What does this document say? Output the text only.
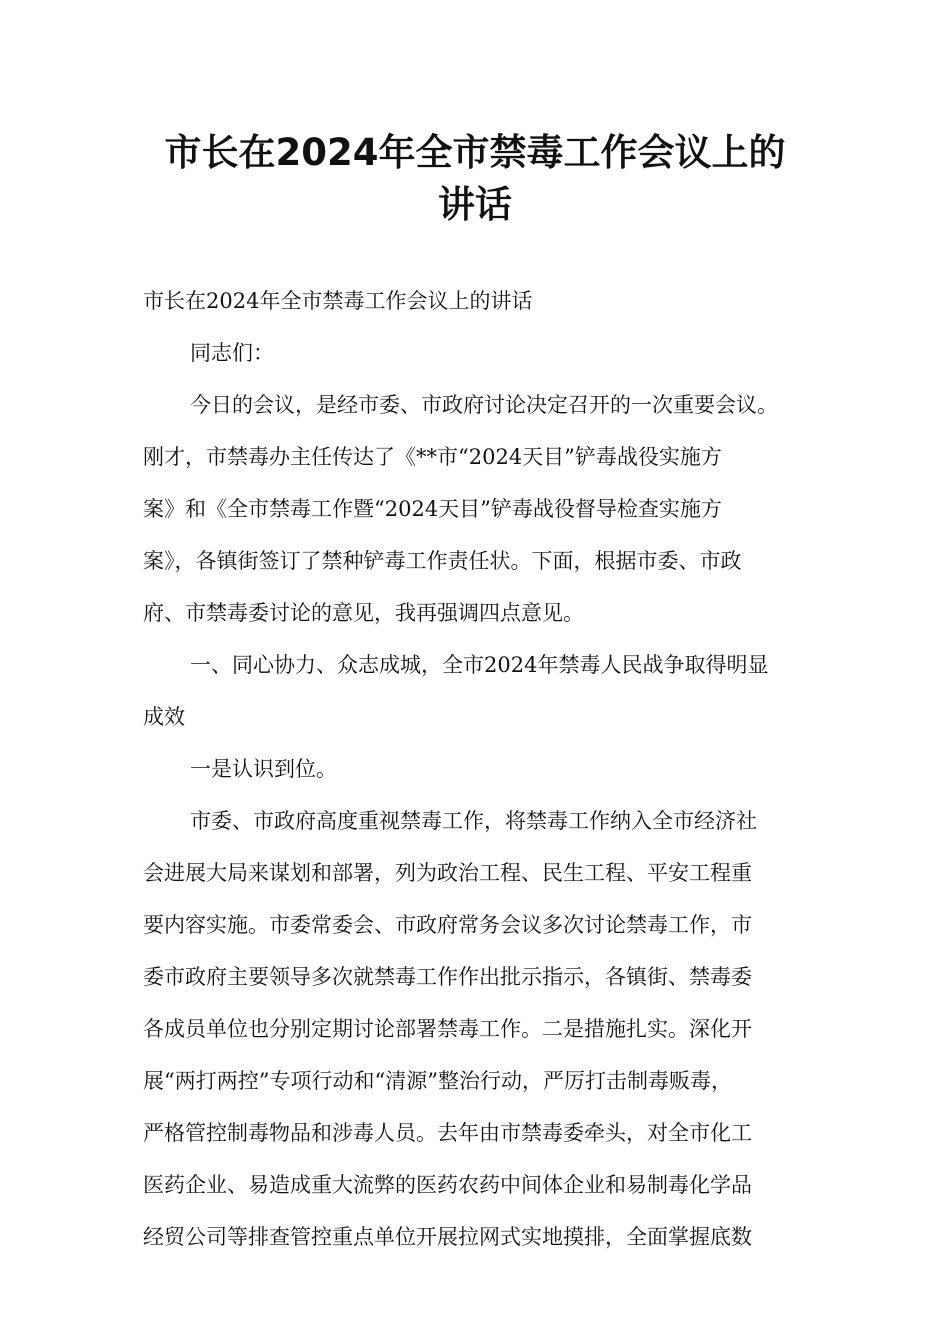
市长在2024年全市禁毒工作会议上的
讲话

市长在2024年全市禁毒工作会议上的讲话

同志们：

今日的会议，是经市委、市政府讨论决定召开的一次重要会议。

刚才，市禁毒办主任传达了《**市“2024天目”铲毒战役实施方

案》和《全市禁毒工作暨“2024天目”铲毒战役督导检查实施方

案》，各镇街签订了禁种铲毒工作责任状。下面，根据市委、市政

府、市禁毒委讨论的意见，我再强调四点意见。

一、同心协力、众志成城，全市2024年禁毒人民战争取得明显

成效

一是认识到位。

市委、市政府高度重视禁毒工作，将禁毒工作纳入全市经济社

会进展大局来谋划和部署，列为政治工程、民生工程、平安工程重

要内容实施。市委常委会、市政府常务会议多次讨论禁毒工作，市

委市政府主要领导多次就禁毒工作作出批示指示，各镇街、禁毒委

各成员单位也分别定期讨论部署禁毒工作。二是措施扎实。深化开

展“两打两控”专项行动和“清源”整治行动，严厉打击制毒贩毒，

严格管控制毒物品和涉毒人员。去年由市禁毒委牵头，对全市化工

医药企业、易造成重大流弊的医药农药中间体企业和易制毒化学品

经贸公司等排查管控重点单位开展拉网式实地摸排，全面掌握底数
